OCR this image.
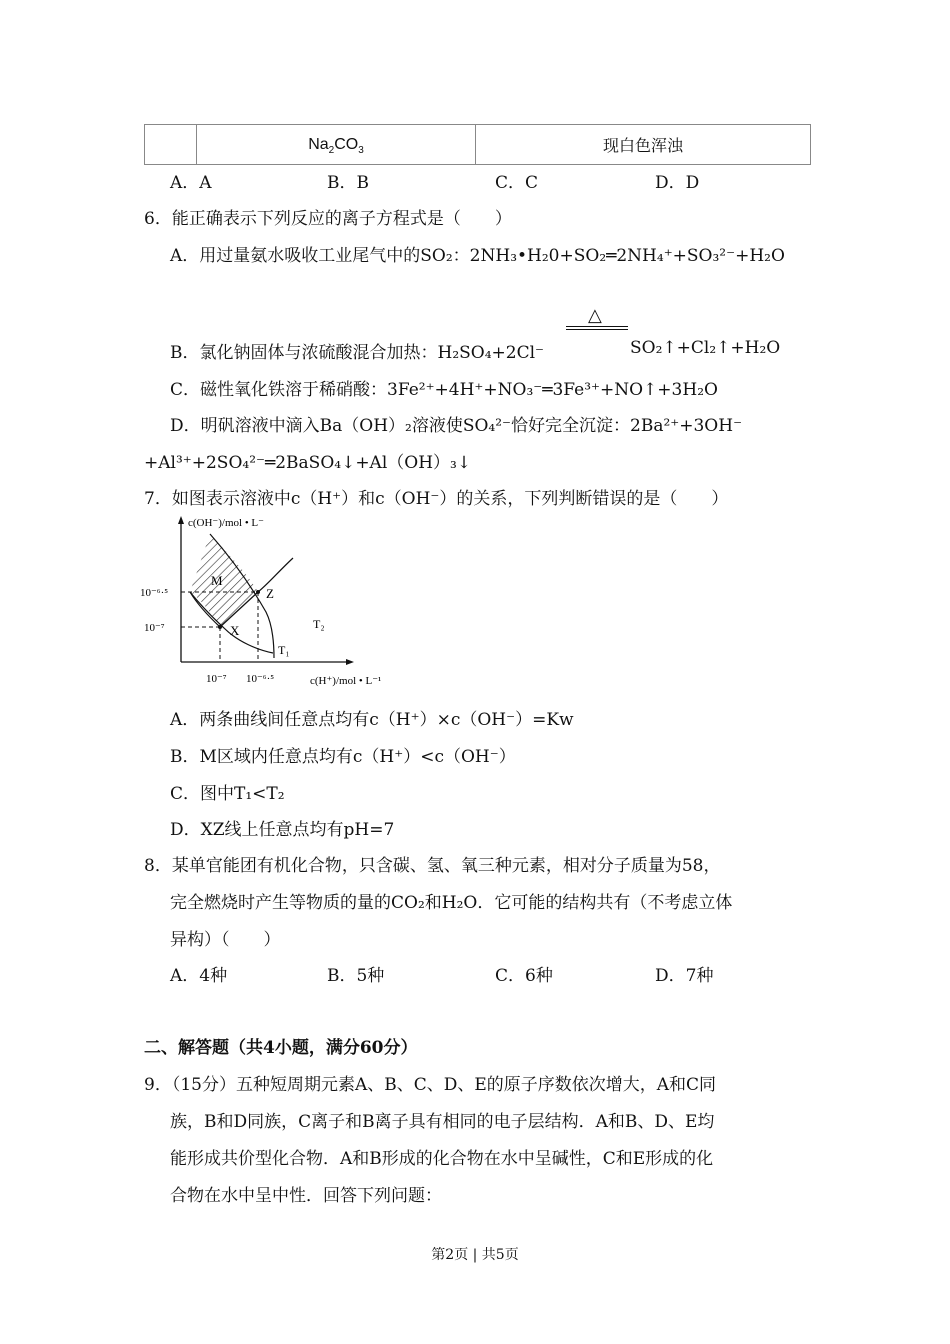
	$Na_2CO_3$	现白色浑浊
A．A	B．B	C．C	D．D
6．能正确表示下列反应的离子方程式是（　　）
A．用过量氨水吸收工业尾气中的SO₂：2NH₃•H₂0+SO₂═2NH₄⁺+SO₃²⁻+H₂O
△
B．氯化钠固体与浓硫酸混合加热：H₂SO₄+2Cl⁻	SO₂↑+Cl₂↑+H₂O
C．磁性氧化铁溶于稀硝酸：3Fe²⁺+4H⁺+NO₃⁻═3Fe³⁺+NO↑+3H₂O
D．明矾溶液中滴入Ba（OH）₂溶液使SO₄²⁻恰好完全沉淀：2Ba²⁺+3OH⁻
+Al³⁺+2SO₄²⁻═2BaSO₄↓+Al（OH）₃↓
7．如图表示溶液中c（H⁺）和c（OH⁻）的关系，下列判断错误的是（　　）
c(OH⁻)/mol • L⁻
c(H⁺)/mol • L⁻¹
10⁻⁶·⁵
10⁻⁷
10⁻⁷ 10⁻⁶·⁵
M
Z
X	T₂
T₁
A．两条曲线间任意点均有c（H⁺）×c（OH⁻）=Kw
B．M区域内任意点均有c（H⁺）<c（OH⁻）
C．图中T₁<T₂
D．XZ线上任意点均有pH=7
8．某单官能团有机化合物，只含碳、氢、氧三种元素，相对分子质量为58，
完全燃烧时产生等物质的量的CO₂和H₂O．它可能的结构共有（不考虑立体
异构）（　　）
A．4种	B．5种	C．6种	D．7种
二、解答题（共4小题，满分60分）
9．（15分）五种短周期元素A、B、C、D、E的原子序数依次增大，A和C同
族，B和D同族，C离子和B离子具有相同的电子层结构．A和B、D、E均
能形成共价型化合物．A和B形成的化合物在水中呈碱性，C和E形成的化
合物在水中呈中性．回答下列问题：
第2页 | 共5页
